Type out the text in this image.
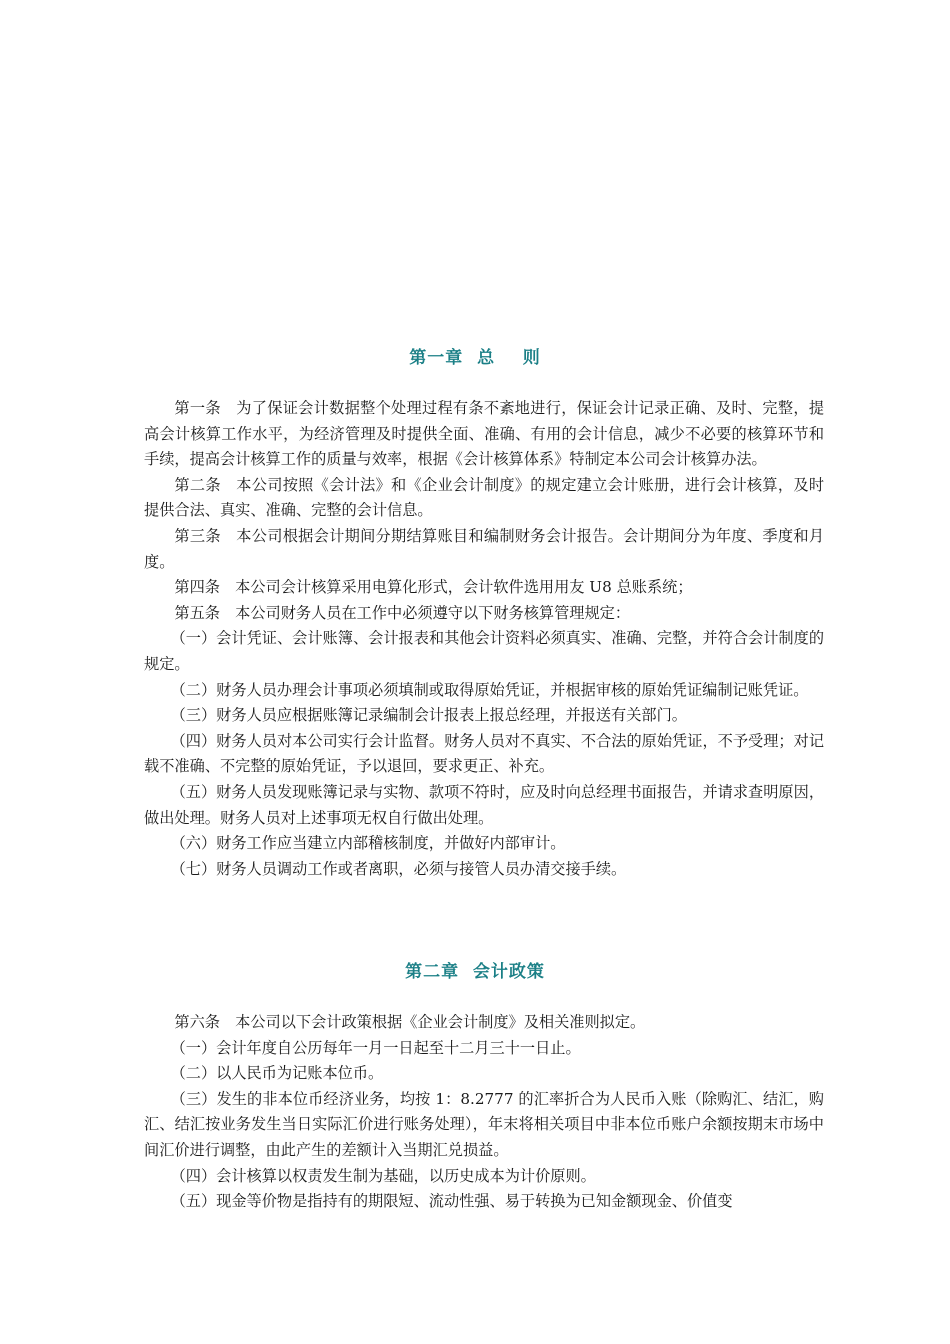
第一章  总    则

第一条　为了保证会计数据整个处理过程有条不紊地进行，保证会计记录正确、及时、完整，提高会计核算工作水平，为经济管理及时提供全面、准确、有用的会计信息，减少不必要的核算环节和手续，提高会计核算工作的质量与效率，根据《会计核算体系》特制定本公司会计核算办法。

第二条　本公司按照《会计法》和《企业会计制度》的规定建立会计账册，进行会计核算，及时提供合法、真实、准确、完整的会计信息。

第三条　本公司根据会计期间分期结算账目和编制财务会计报告。会计期间分为年度、季度和月度。

第四条　本公司会计核算采用电算化形式，会计软件选用用友 U8 总账系统；

第五条　本公司财务人员在工作中必须遵守以下财务核算管理规定：

（一）会计凭证、会计账簿、会计报表和其他会计资料必须真实、准确、完整，并符合会计制度的规定。

（二）财务人员办理会计事项必须填制或取得原始凭证，并根据审核的原始凭证编制记账凭证。

（三）财务人员应根据账簿记录编制会计报表上报总经理，并报送有关部门。

（四）财务人员对本公司实行会计监督。财务人员对不真实、不合法的原始凭证，不予受理；对记载不准确、不完整的原始凭证，予以退回，要求更正、补充。

（五）财务人员发现账簿记录与实物、款项不符时，应及时向总经理书面报告，并请求查明原因，做出处理。财务人员对上述事项无权自行做出处理。

（六）财务工作应当建立内部稽核制度，并做好内部审计。

（七）财务人员调动工作或者离职，必须与接管人员办清交接手续。

第二章  会计政策

第六条　本公司以下会计政策根据《企业会计制度》及相关准则拟定。

（一）会计年度自公历每年一月一日起至十二月三十一日止。

（二）以人民币为记账本位币。

（三）发生的非本位币经济业务，均按 1：8.2777 的汇率折合为人民币入账（除购汇、结汇，购汇、结汇按业务发生当日实际汇价进行账务处理），年末将相关项目中非本位币账户余额按期末市场中间汇价进行调整，由此产生的差额计入当期汇兑损益。

（四）会计核算以权责发生制为基础，以历史成本为计价原则。

（五）现金等价物是指持有的期限短、流动性强、易于转换为已知金额现金、价值变
